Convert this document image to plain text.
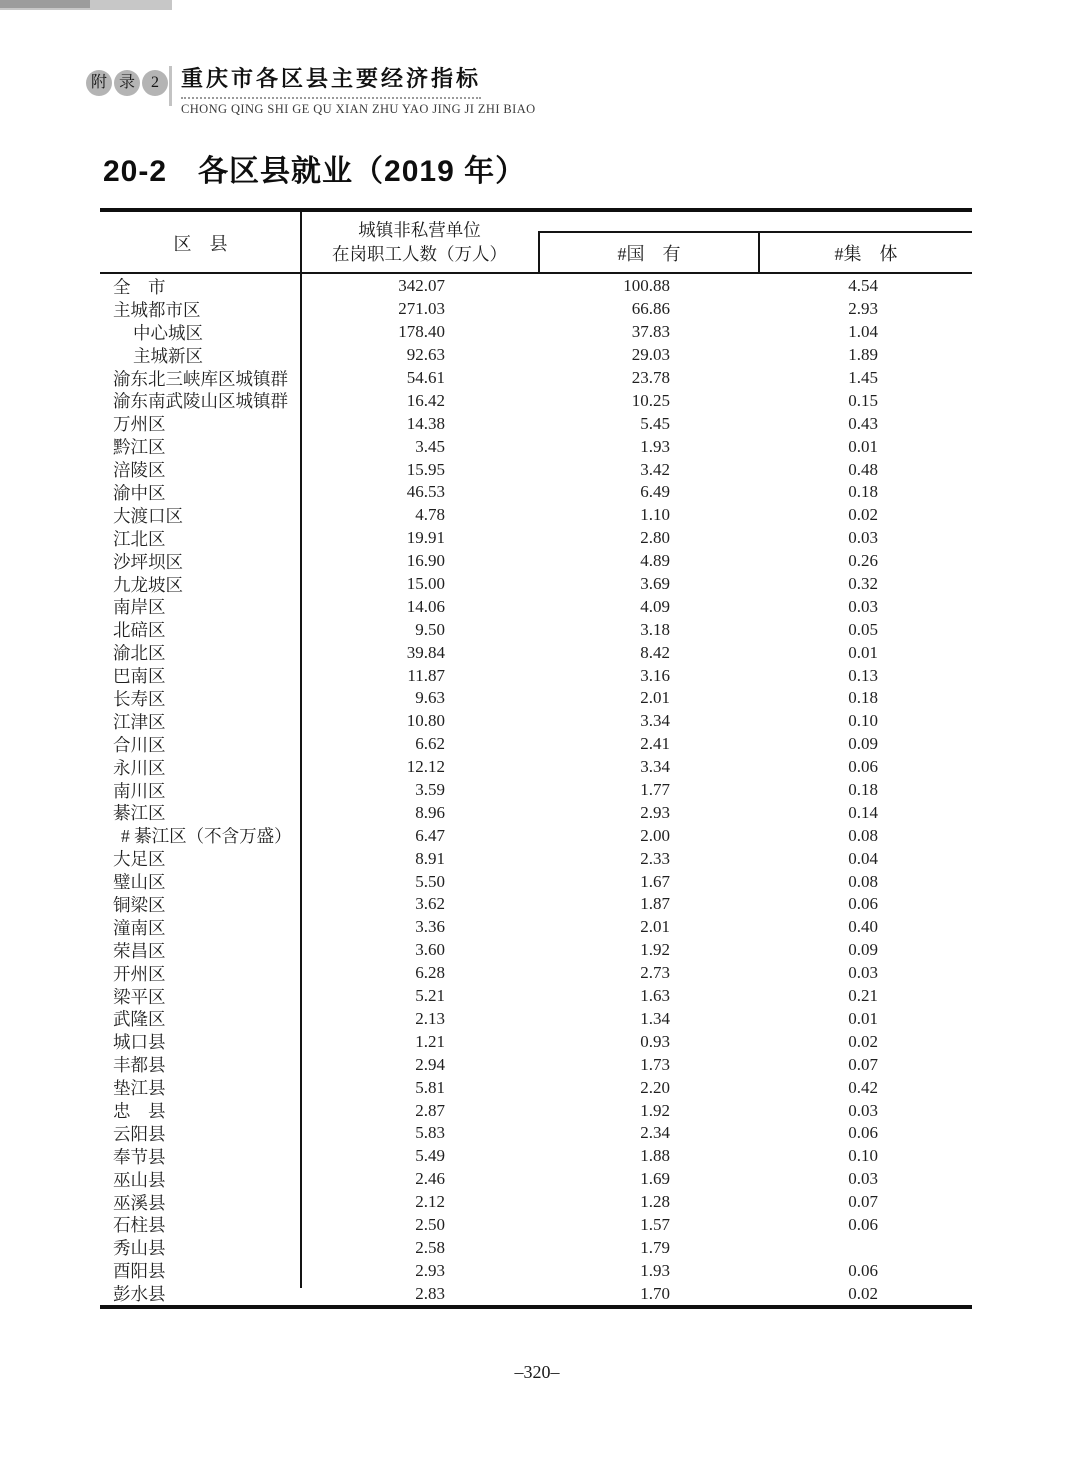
附 录	2	重庆市各区县主要经济指标
CHONG QING SHI GE QU XIAN ZHU YAO JING JI ZHI BIAO
20-2　各区县就业（2019 年）
区　县
城镇非私营单位
在岗职工人数（万人）	#国　有	#集　体
全　市	342.07	100.88	4.54
主城都市区	271.03	66.86	2.93
中心城区	178.40	37.83	1.04
主城新区	92.63	29.03	1.89
渝东北三峡库区城镇群	54.61	23.78	1.45
渝东南武陵山区城镇群	16.42	10.25	0.15
万州区	14.38	5.45	0.43
黔江区	3.45	1.93	0.01
涪陵区	15.95	3.42	0.48
渝中区	46.53	6.49	0.18
大渡口区	4.78	1.10	0.02
江北区	19.91	2.80	0.03
沙坪坝区	16.90	4.89	0.26
九龙坡区	15.00	3.69	0.32
南岸区	14.06	4.09	0.03
北碚区	9.50	3.18	0.05
渝北区	39.84	8.42	0.01
巴南区	11.87	3.16	0.13
长寿区	9.63	2.01	0.18
江津区	10.80	3.34	0.10
合川区	6.62	2.41	0.09
永川区	12.12	3.34	0.06
南川区	3.59	1.77	0.18
綦江区	8.96	2.93	0.14
# 綦江区（不含万盛）	6.47	2.00	0.08
大足区	8.91	2.33	0.04
璧山区	5.50	1.67	0.08
铜梁区	3.62	1.87	0.06
潼南区	3.36	2.01	0.40
荣昌区	3.60	1.92	0.09
开州区	6.28	2.73	0.03
梁平区	5.21	1.63	0.21
武隆区	2.13	1.34	0.01
城口县	1.21	0.93	0.02
丰都县	2.94	1.73	0.07
垫江县	5.81	2.20	0.42
忠　县	2.87	1.92	0.03
云阳县	5.83	2.34	0.06
奉节县	5.49	1.88	0.10
巫山县	2.46	1.69	0.03
巫溪县	2.12	1.28	0.07
石柱县	2.50	1.57	0.06
秀山县	2.58	1.79
酉阳县	2.93	1.93	0.06
彭水县	2.83	1.70	0.02
–320–
